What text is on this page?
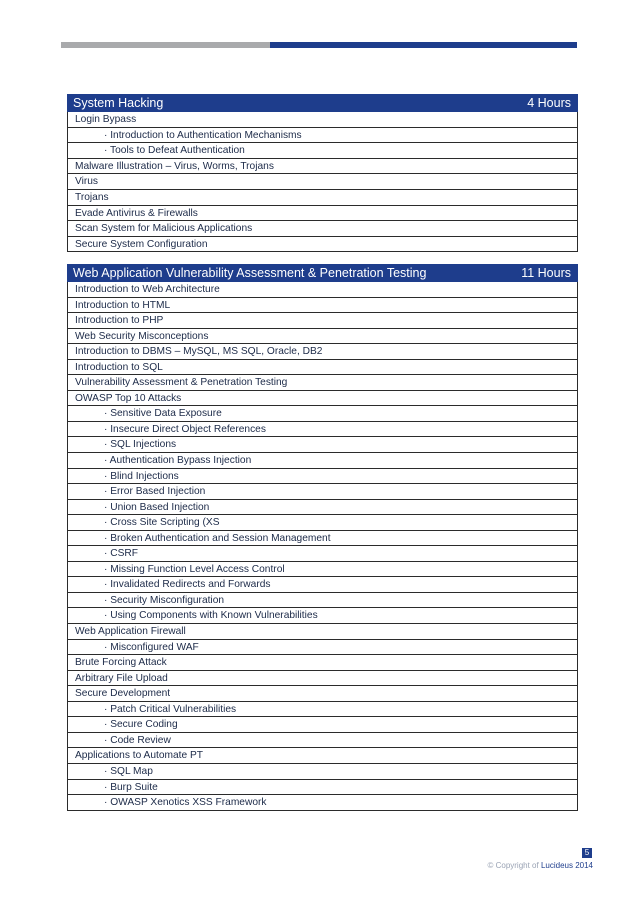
System Hacking	4 Hours
Login Bypass
· Introduction to Authentication Mechanisms
· Tools to Defeat Authentication
Malware Illustration – Virus, Worms, Trojans
Virus
Trojans
Evade Antivirus & Firewalls
Scan System for Malicious Applications
Secure System Configuration
Web Application Vulnerability Assessment & Penetration Testing	11 Hours
Introduction to Web Architecture
Introduction to HTML
Introduction to PHP
Web Security Misconceptions
Introduction to DBMS – MySQL, MS SQL, Oracle, DB2
Introduction to SQL
Vulnerability Assessment & Penetration Testing
OWASP Top 10 Attacks
· Sensitive Data Exposure
· Insecure Direct Object References
· SQL Injections
· Authentication Bypass Injection
· Blind Injections
· Error Based Injection
· Union Based Injection
· Cross Site Scripting (XS
· Broken Authentication and Session Management
· CSRF
· Missing Function Level Access Control
· Invalidated Redirects and Forwards
· Security Misconfiguration
· Using Components with Known Vulnerabilities
Web Application Firewall
· Misconfigured WAF
Brute Forcing Attack
Arbitrary File Upload
Secure Development
· Patch Critical Vulnerabilities
· Secure Coding
· Code Review
Applications to Automate PT
· SQL Map
· Burp Suite
· OWASP Xenotics XSS Framework
5
© Copyright of Lucideus 2014
